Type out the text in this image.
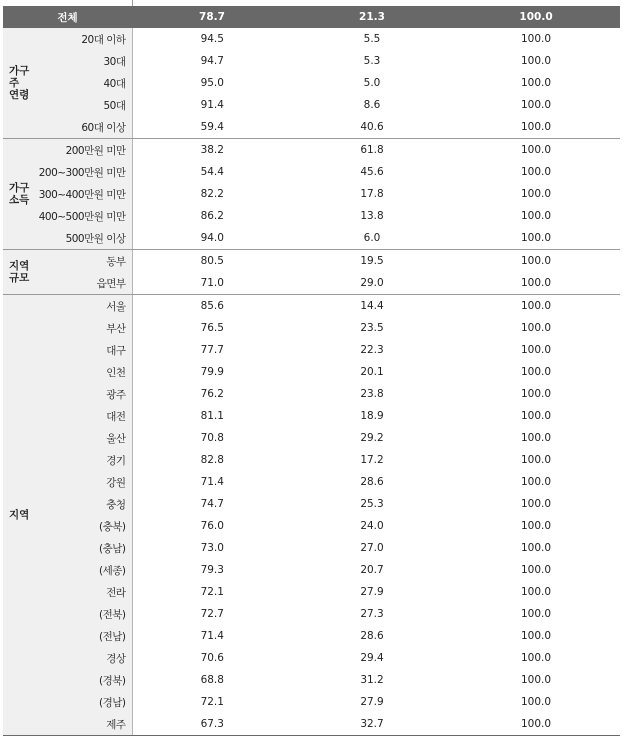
전체		78.7	21.3	100.0
가구주
연령	20대 이하	94.5	5.5	100.0
	30대	94.7	5.3	100.0
	40대	95.0	5.0	100.0
	50대	91.4	8.6	100.0
	60대 이상	59.4	40.6	100.0
가구
소득	200만원 미만	38.2	61.8	100.0
	200~300만원 미만	54.4	45.6	100.0
	300~400만원 미만	82.2	17.8	100.0
	400~500만원 미만	86.2	13.8	100.0
	500만원 이상	94.0	6.0	100.0
지역
규모	동부	80.5	19.5	100.0
	읍면부	71.0	29.0	100.0
지역	서울	85.6	14.4	100.0
	부산	76.5	23.5	100.0
	대구	77.7	22.3	100.0
	인천	79.9	20.1	100.0
	광주	76.2	23.8	100.0
	대전	81.1	18.9	100.0
	울산	70.8	29.2	100.0
	경기	82.8	17.2	100.0
	강원	71.4	28.6	100.0
	충청	74.7	25.3	100.0
	(충북)	76.0	24.0	100.0
	(충남)	73.0	27.0	100.0
	(세종)	79.3	20.7	100.0
	전라	72.1	27.9	100.0
	(전북)	72.7	27.3	100.0
	(전남)	71.4	28.6	100.0
	경상	70.6	29.4	100.0
	(경북)	68.8	31.2	100.0
	(경남)	72.1	27.9	100.0
	제주	67.3	32.7	100.0
